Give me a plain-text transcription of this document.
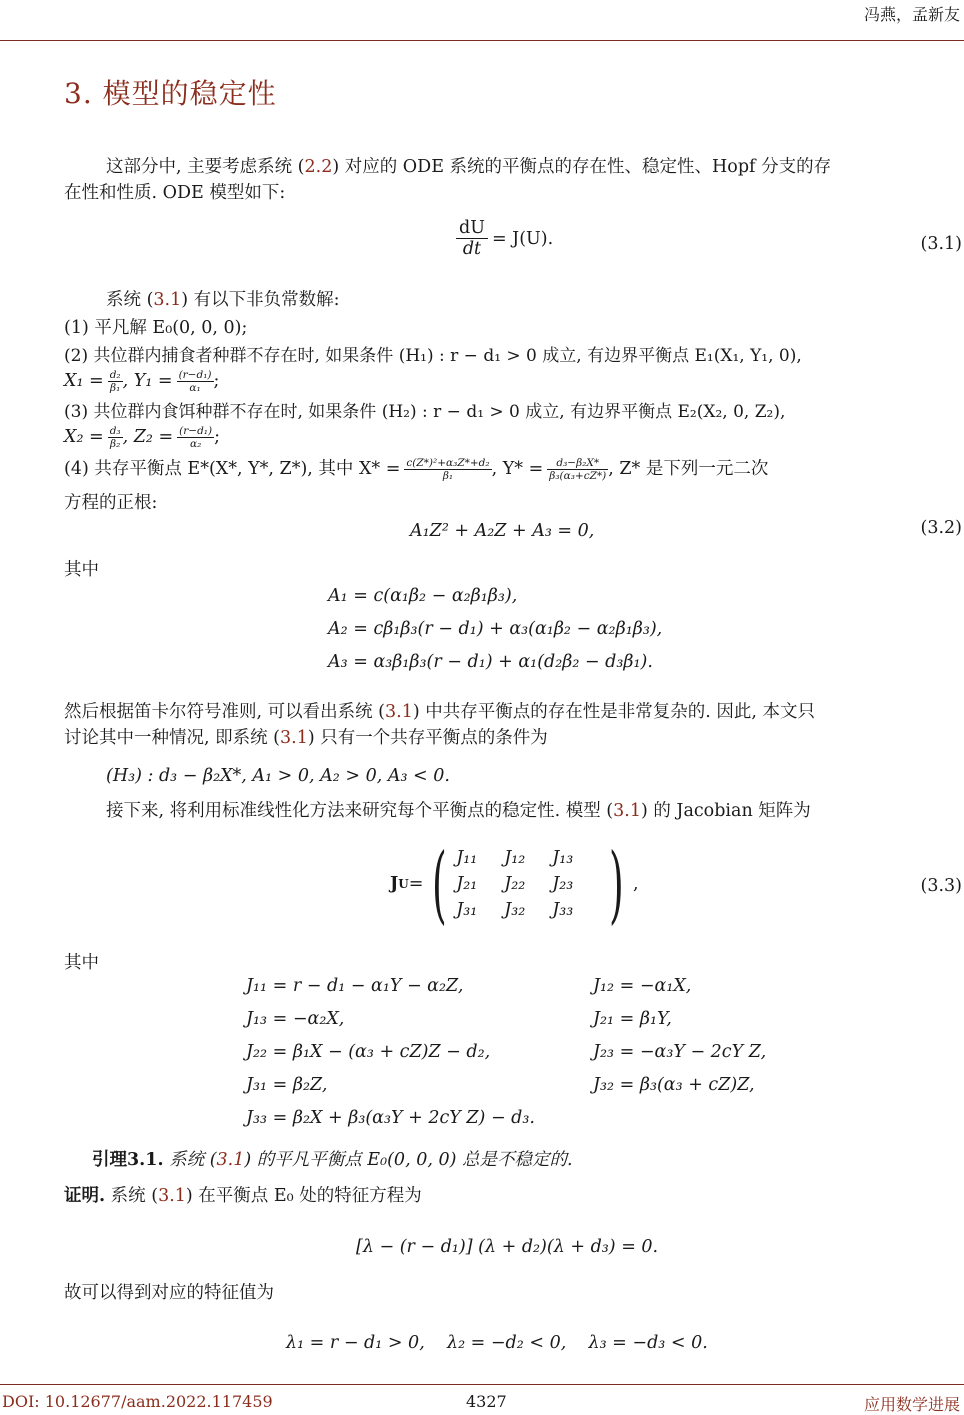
冯燕，孟新友
3. 模型的稳定性
这部分中, 主要考虑系统 (2.2) 对应的 ODE 系统的平衡点的存在性、稳定性、Hopf 分支的存
在性和性质. ODE 模型如下:
$\frac{dU}{dt} = J(U)$.	(3.1)
系统 (3.1) 有以下非负常数解:
(1) 平凡解 E₀(0, 0, 0);
(2) 共位群内捕食者种群不存在时, 如果条件 (H₁) : r − d₁ > 0 成立, 有边界平衡点 E₁(X₁, Y₁, 0),
$X_1 = \frac{\text{d₂}}{\text{β₁}}$ , $Y_1 = \frac{\text{(r−d₁)}}{\text{α₁}}$ ;
(3) 共位群内食饵种群不存在时, 如果条件 (H₂) : r − d₁ > 0 成立, 有边界平衡点 E₂(X₂, 0, Z₂),
$X_2 = \frac{\text{d₃}}{\text{β₂}}$ , $Z_2 = \frac{\text{(r−d₁)}}{\text{α₂}}$ ;
(4) 共存平衡点 E*(X*, Y*, Z*), 其中 $X* = \frac{\text{c(Z*)²+α₃Z*+d₂}}{\text{β₁}}$ , $Y* = \frac{\text{d₃−β₂X*}}{\text{β₃(α₃+cZ*)}}$ , Z* 是下列一元二次
方程的正根:
A₁Z² + A₂Z + A₃ = 0,	(3.2)
其中
A₁ = c(α₁β₂ − α₂β₁β₃),
A₂ = cβ₁β₃(r − d₁) + α₃(α₁β₂ − α₂β₁β₃),
A₃ = α₃β₁β₃(r − d₁) + α₁(d₂β₂ − d₃β₁).
然后根据笛卡尔符号准则, 可以看出系统 (3.1) 中共存平衡点的存在性是非常复杂的. 因此, 本文只
讨论其中一种情况, 即系统 (3.1) 只有一个共存平衡点的条件为
(H₃) : d₃ − β₂X*, A₁ > 0, A₂ > 0, A₃ < 0.
接下来, 将利用标准线性化方法来研究每个平衡点的稳定性. 模型 (3.1) 的 Jacobian 矩阵为
J U = ( J₁₁	J₁₂	J₁₃
J₂₁	J₂₂	J₂₃
J₃₁	J₃₂	J₃₃ ) ,	(3.3)
其中
J₁₁ = r − d₁ − α₁Y − α₂Z,	J₁₂ = −α₁X,
J₁₃ = −α₂X,	J₂₁ = β₁Y,
J₂₂ = β₁X − (α₃ + cZ)Z − d₂,	J₂₃ = −α₃Y − 2cY Z,
J₃₁ = β₂Z,	J₃₂ = β₃(α₃ + cZ)Z,
J₃₃ = β₂X + β₃(α₃Y + 2cY Z) − d₃.
引理3.1. 系统 (3.1) 的平凡平衡点 E₀(0, 0, 0) 总是不稳定的.
证明. 系统 (3.1) 在平衡点 E₀ 处的特征方程为
[λ − (r − d₁)] (λ + d₂)(λ + d₃) = 0.
故可以得到对应的特征值为
λ₁ = r − d₁ > 0,    λ₂ = −d₂ < 0,    λ₃ = −d₃ < 0.
DOI: 10.12677/aam.2022.117459	4327	应用数学进展
